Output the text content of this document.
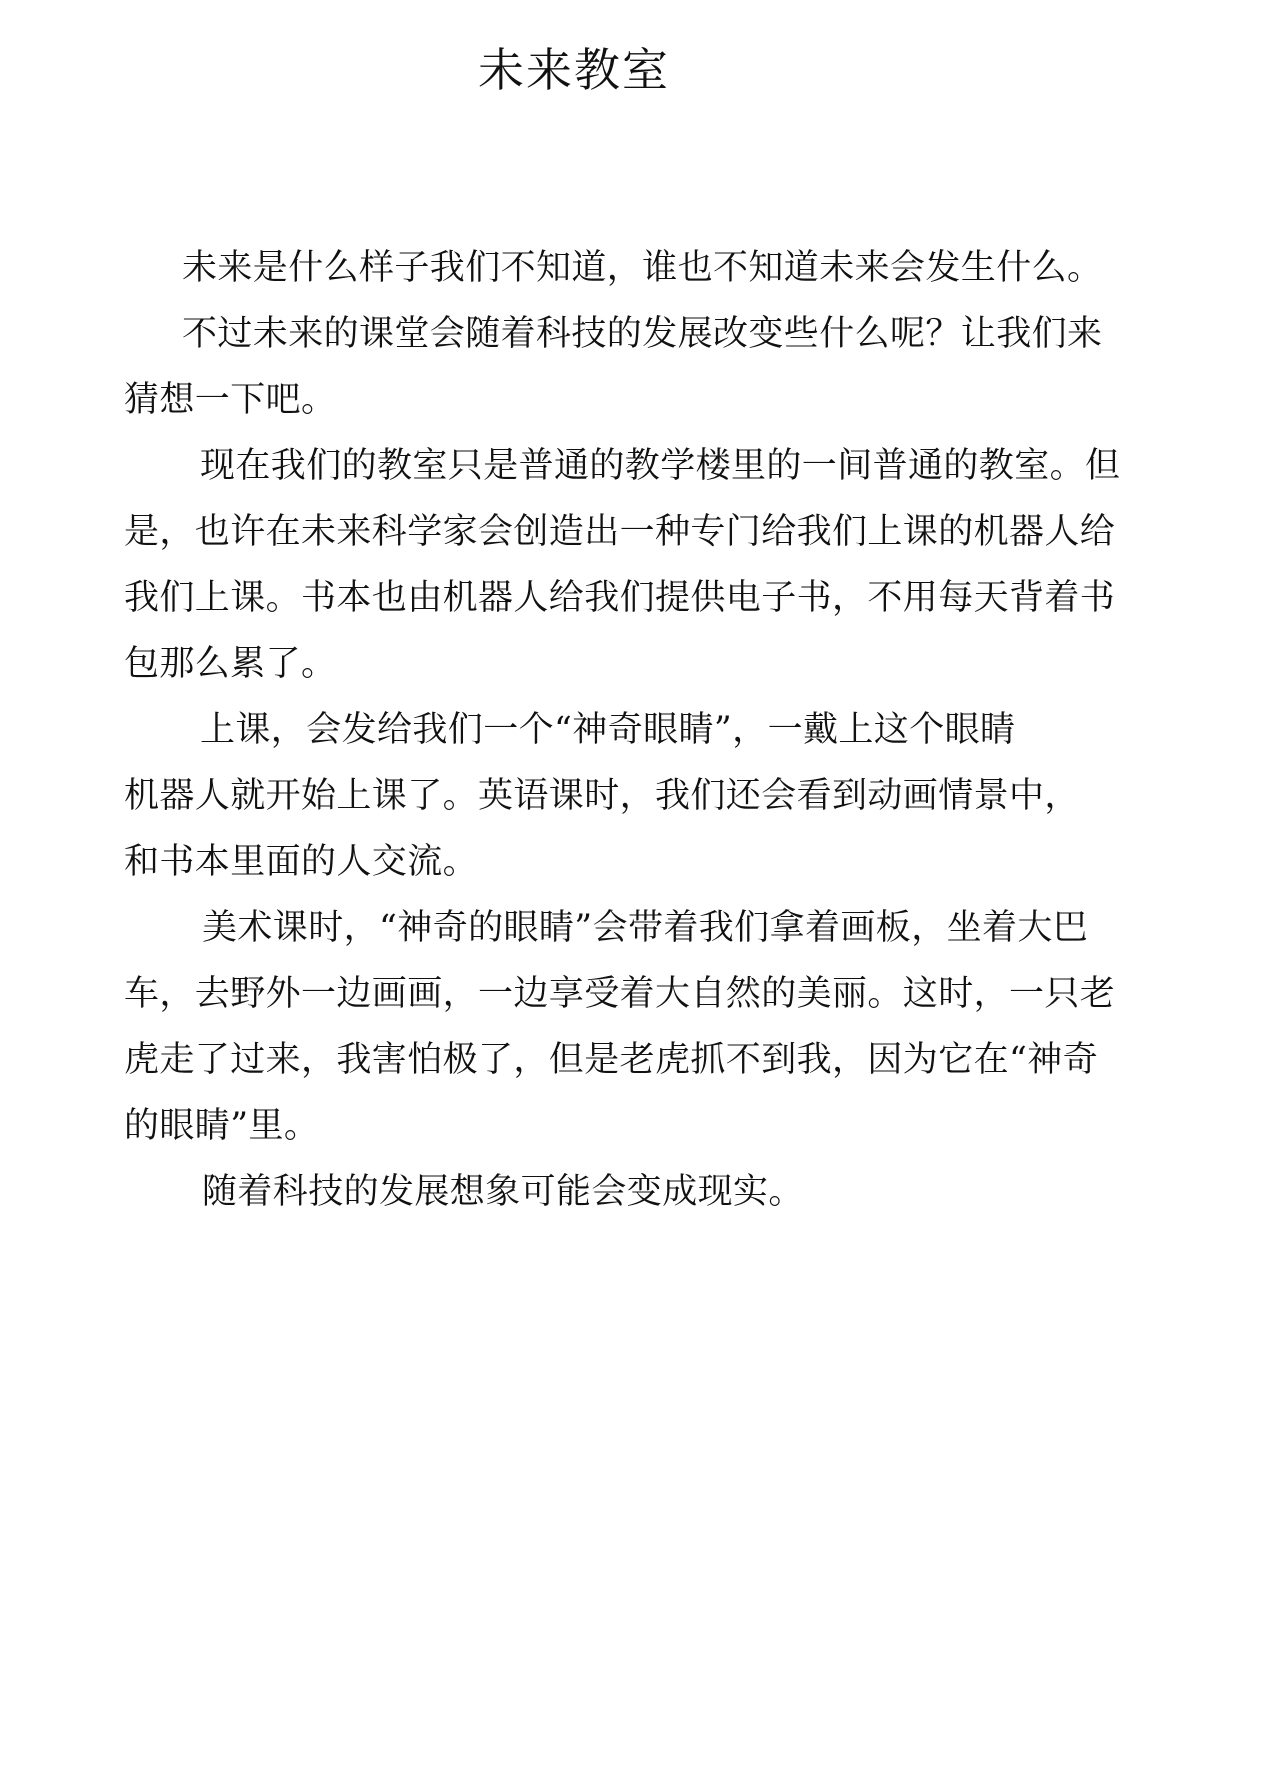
未来教室
未来是什么样子我们不知道，谁也不知道未来会发生什么。
不过未来的课堂会随着科技的发展改变些什么呢？让我们来
猜想一下吧。
现在我们的教室只是普通的教学楼里的一间普通的教室。但
是，也许在未来科学家会创造出一种专门给我们上课的机器人给
我们上课。书本也由机器人给我们提供电子书，不用每天背着书
包那么累了。
上课，会发给我们一个“神奇眼睛”，一戴上这个眼睛
机器人就开始上课了。英语课时，我们还会看到动画情景中，
和书本里面的人交流。
美术课时，“神奇的眼睛”会带着我们拿着画板，坐着大巴
车，去野外一边画画，一边享受着大自然的美丽。这时，一只老
虎走了过来，我害怕极了，但是老虎抓不到我，因为它在“神奇
的眼睛”里。
随着科技的发展想象可能会变成现实。
